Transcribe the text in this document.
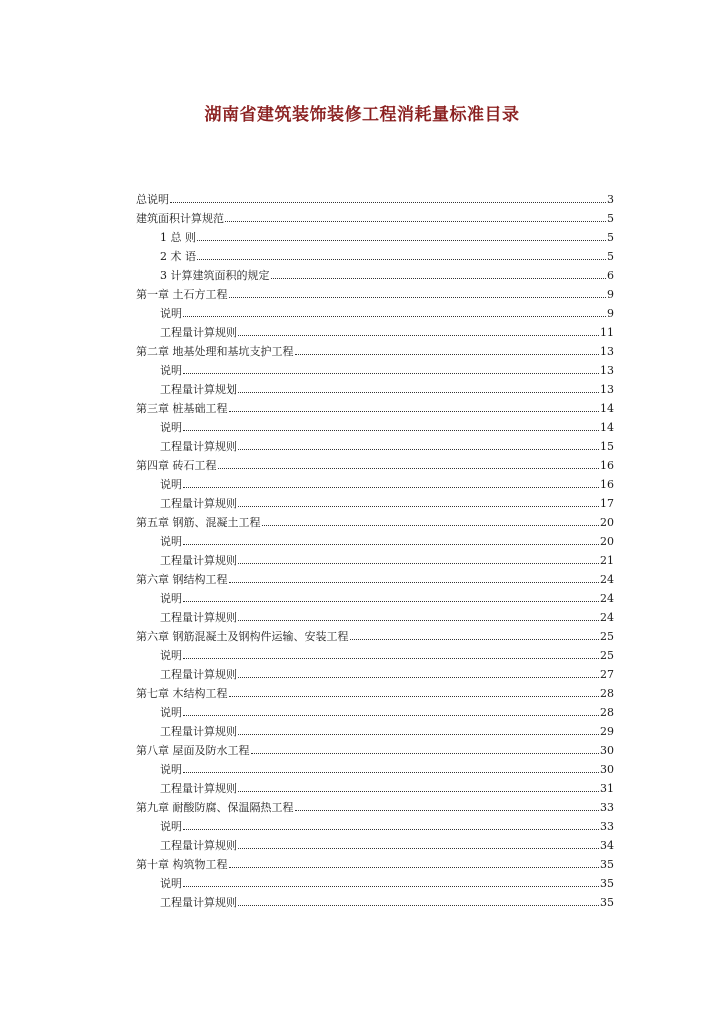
湖南省建筑装饰装修工程消耗量标准目录
总说明	3
建筑面积计算规范	5
1 总 则	5
2 术 语	5
3 计算建筑面积的规定	6
第一章 土石方工程	9
说明	9
工程量计算规则	11
第二章 地基处理和基坑支护工程	13
说明	13
工程量计算规划	13
第三章 桩基础工程	14
说明	14
工程量计算规则	15
第四章 砖石工程	16
说明	16
工程量计算规则	17
第五章 钢筋、混凝土工程	20
说明	20
工程量计算规则	21
第六章 钢结构工程	24
说明	24
工程量计算规则	24
第六章 钢筋混凝土及钢构件运输、安装工程	25
说明	25
工程量计算规则	27
第七章 木结构工程	28
说明	28
工程量计算规则	29
第八章 屋面及防水工程	30
说明	30
工程量计算规则	31
第九章 耐酸防腐、保温隔热工程	33
说明	33
工程量计算规则	34
第十章 构筑物工程	35
说明	35
工程量计算规则	35
